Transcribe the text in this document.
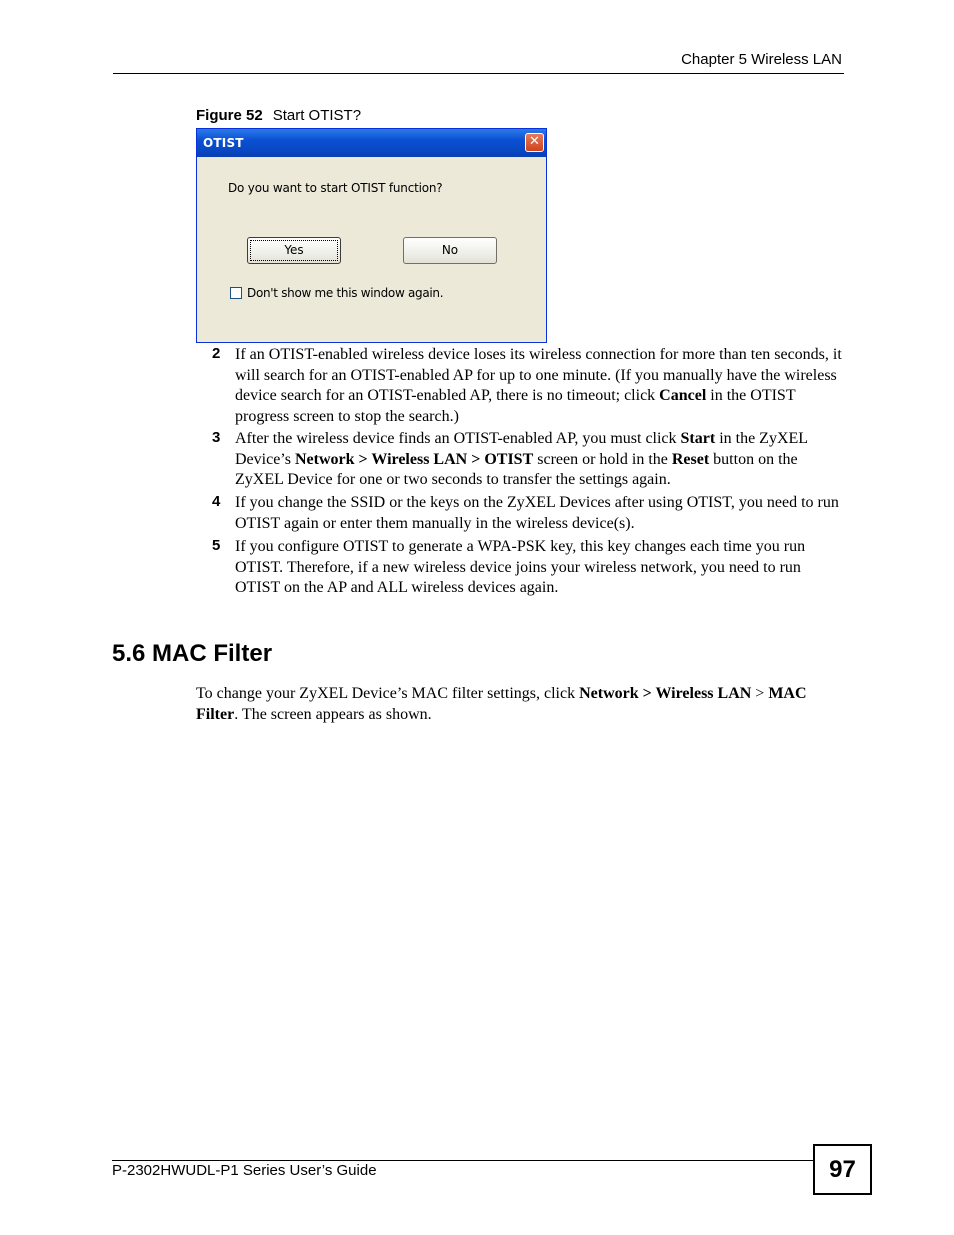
Chapter 5 Wireless LAN
Figure 52 Start OTIST?
OTIST	✕
Do you want to start OTIST function?
Yes	No
Don't show me this window again.
2 If an OTIST-enabled wireless device loses its wireless connection for more than ten seconds, it will search for an OTIST-enabled AP for up to one minute. (If you manually have the wireless device search for an OTIST-enabled AP, there is no timeout; click Cancel in the OTIST progress screen to stop the search.)
3 After the wireless device finds an OTIST-enabled AP, you must click Start in the ZyXEL Device’s Network > Wireless LAN > OTIST screen or hold in the Reset button on the ZyXEL Device for one or two seconds to transfer the settings again.
4 If you change the SSID or the keys on the ZyXEL Devices after using OTIST, you need to run OTIST again or enter them manually in the wireless device(s).
5 If you configure OTIST to generate a WPA-PSK key, this key changes each time you run OTIST. Therefore, if a new wireless device joins your wireless network, you need to run OTIST on the AP and ALL wireless devices again.
5.6 MAC Filter
To change your ZyXEL Device’s MAC filter settings, click Network > Wireless LAN > MAC Filter. The screen appears as shown.
P-2302HWUDL-P1 Series User’s Guide	97
